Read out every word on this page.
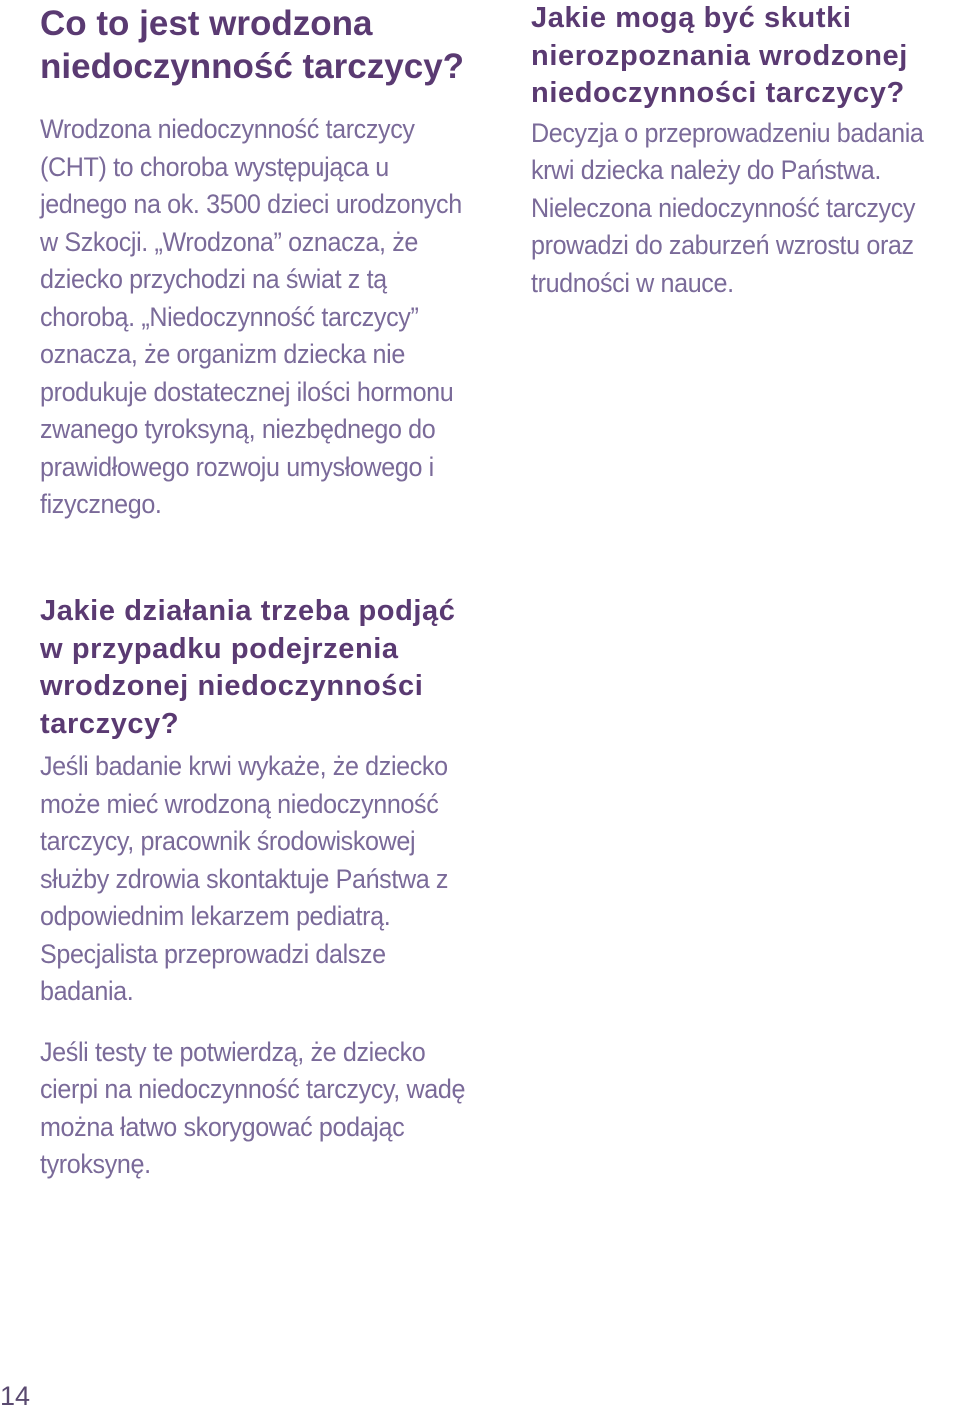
Co to jest wrodzona niedoczynność tarczycy?

Wrodzona niedoczynność tarczycy (CHT) to choroba występująca u jednego na ok. 3500 dzieci urodzonych w Szkocji. „Wrodzona” oznacza, że dziecko przychodzi na świat z tą chorobą. „Niedoczynność tarczycy” oznacza, że organizm dziecka nie produkuje dostatecznej ilości hormonu zwanego tyroksyną, niezbędnego do prawidłowego rozwoju umysłowego i fizycznego.

Jakie działania trzeba podjąć w przypadku podejrzenia wrodzonej niedoczynności tarczycy?

Jeśli badanie krwi wykaże, że dziecko może mieć wrodzoną niedoczynność tarczycy, pracownik środowiskowej służby zdrowia skontaktuje Państwa z odpowiednim lekarzem pediatrą. Specjalista przeprowadzi dalsze badania.

Jeśli testy te potwierdzą, że dziecko cierpi na niedoczynność tarczycy, wadę można łatwo skorygować podając tyroksynę.

Jakie mogą być skutki nierozpoznania wrodzonej niedoczynności tarczycy?

Decyzja o przeprowadzeniu badania krwi dziecka należy do Państwa. Nieleczona niedoczynność tarczycy prowadzi do zaburzeń wzrostu oraz trudności w nauce.

14
